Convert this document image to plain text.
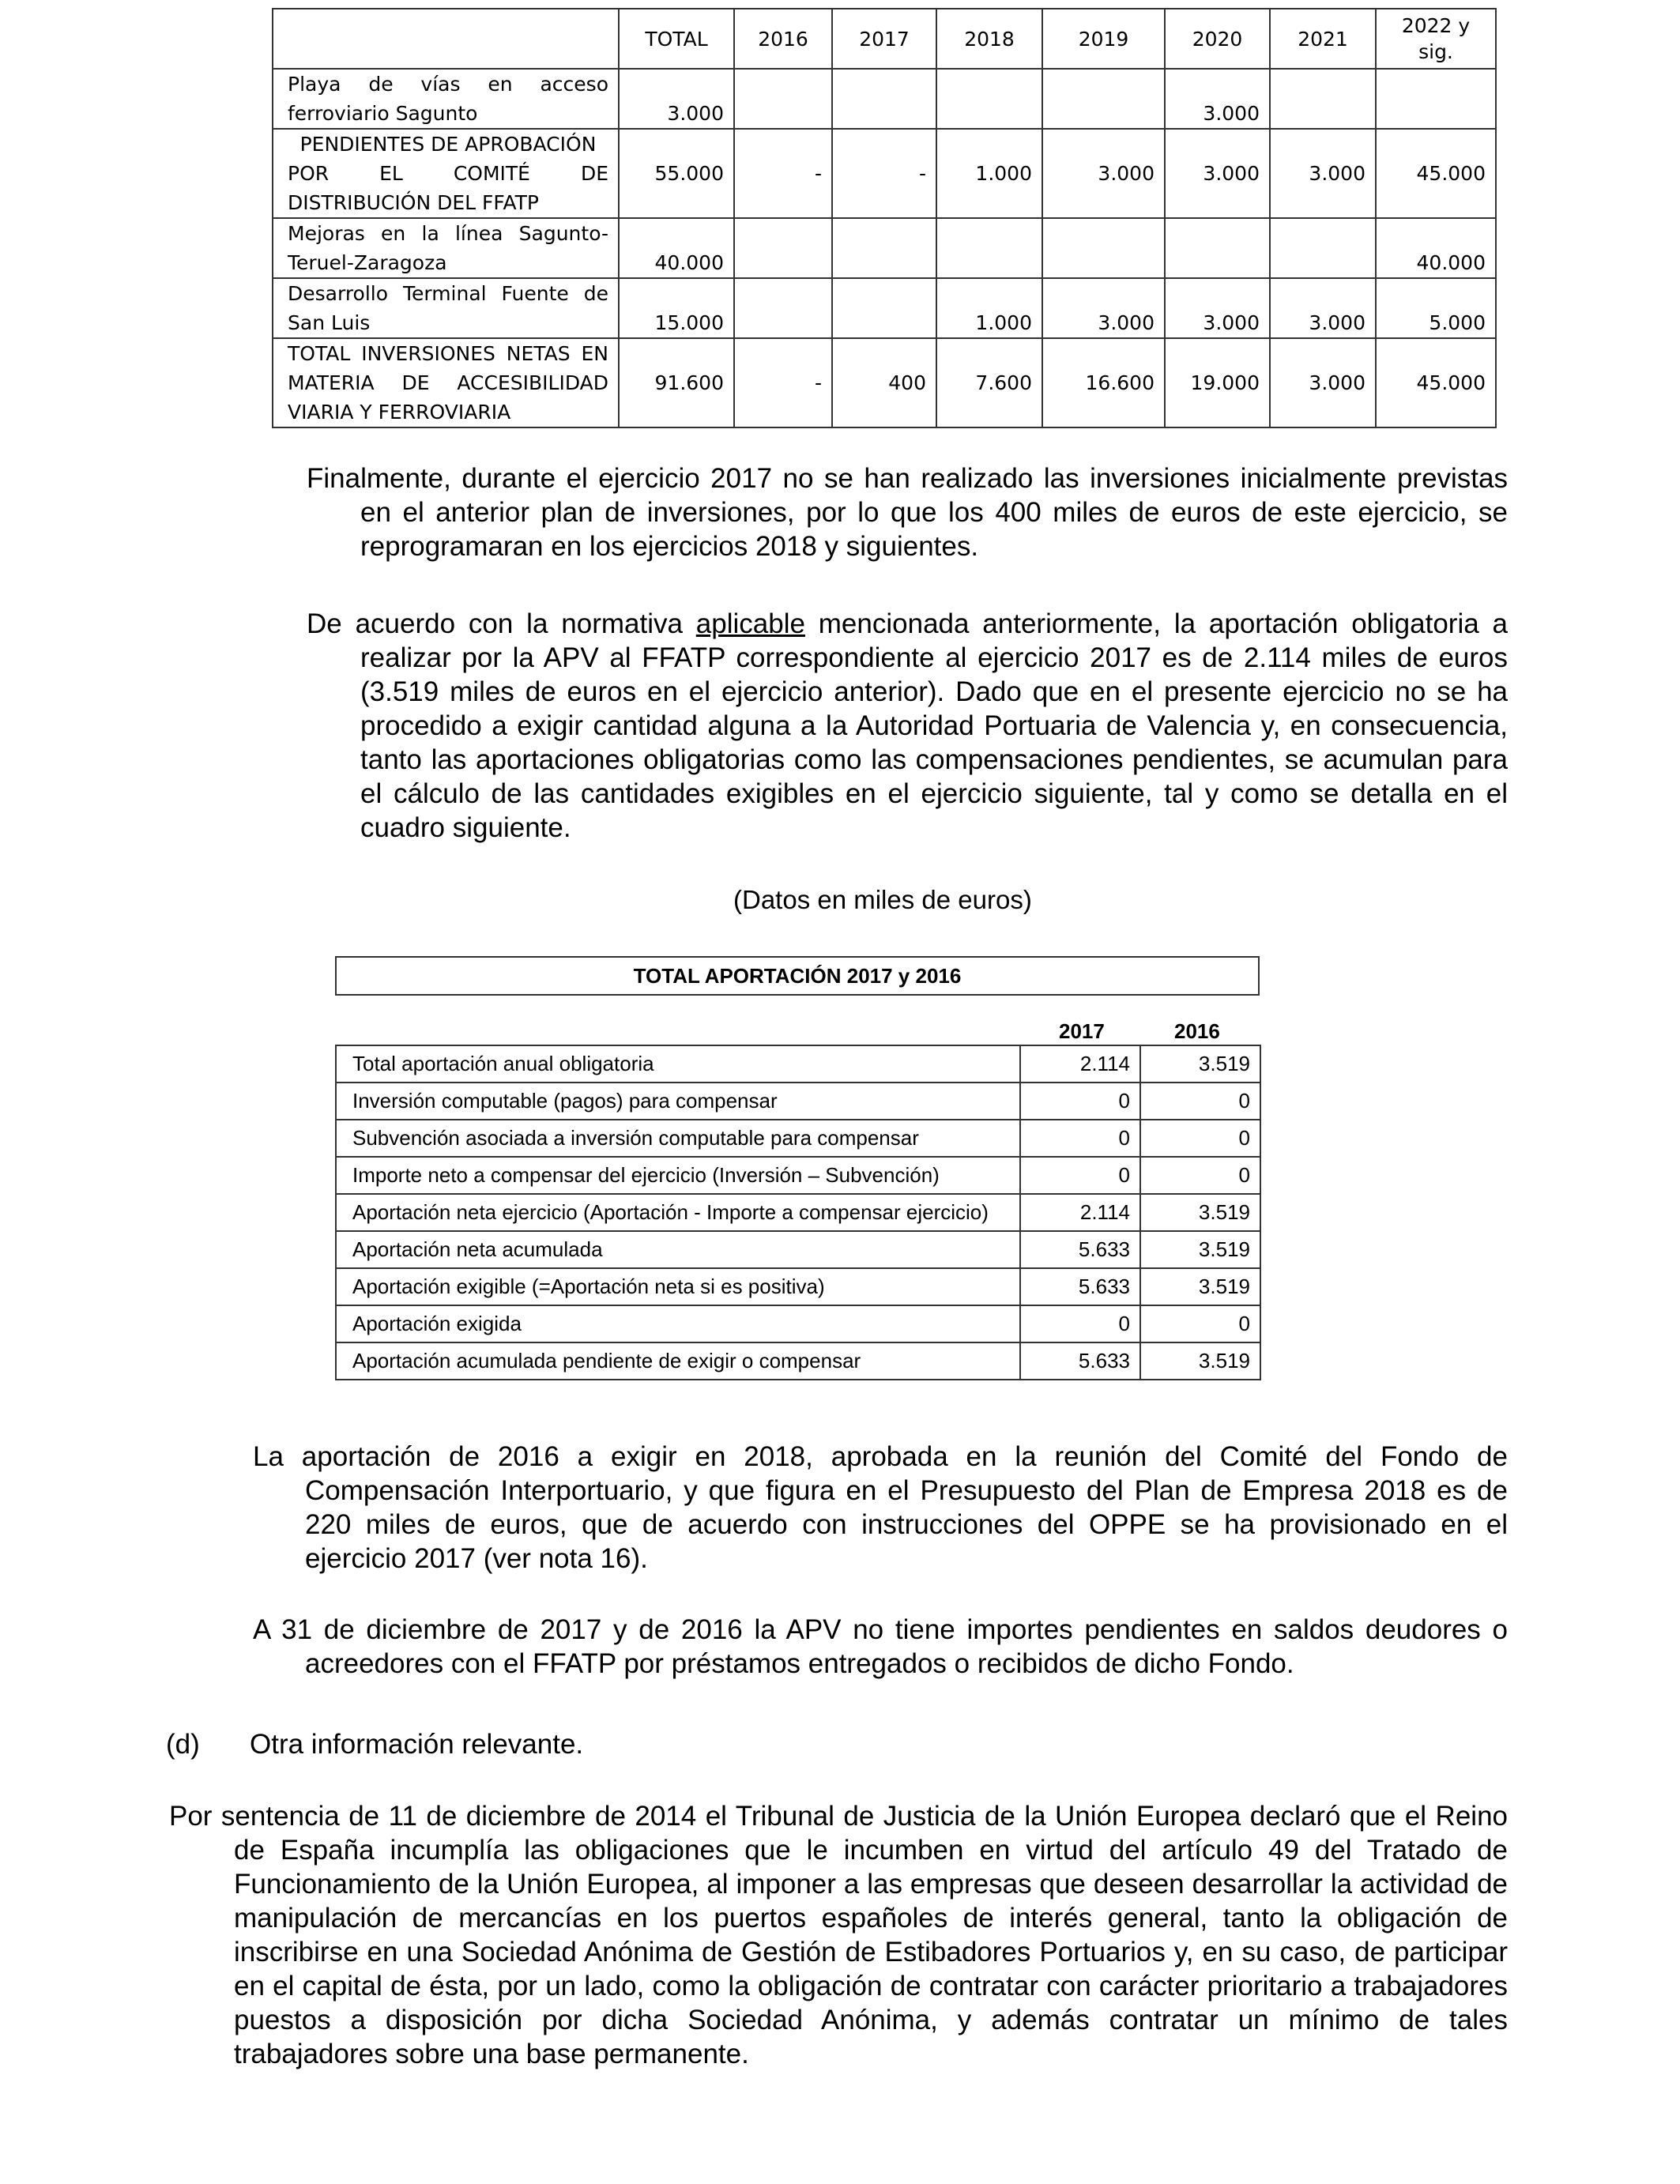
	TOTAL	2016	2017	2018	2019	2020	2021	2022 y sig.

Playa de vías en acceso
ferroviario Sagunto	3.000					3.000		

PENDIENTES DE APROBACIÓN
POR EL COMITÉ DE
DISTRIBUCIÓN DEL FFATP	55.000	-	-	1.000	3.000	3.000	3.000	45.000

Mejoras en la línea Sagunto-
Teruel-Zaragoza	40.000							40.000

Desarrollo Terminal Fuente de
San Luis	15.000			1.000	3.000	3.000	3.000	5.000

TOTAL INVERSIONES NETAS EN
MATERIA DE ACCESIBILIDAD
VIARIA Y FERROVIARIA	91.600	-	400	7.600	16.600	19.000	3.000	45.000
Finalmente, durante el ejercicio 2017 no se han realizado las inversiones inicialmente previstas en el anterior plan de inversiones, por lo que los 400 miles de euros de este ejercicio, se reprogramaran en los ejercicios 2018 y siguientes.
De acuerdo con la normativa aplicable mencionada anteriormente, la aportación obligatoria a realizar por la APV al FFATP correspondiente al ejercicio 2017 es de 2.114 miles de euros (3.519 miles de euros en el ejercicio anterior). Dado que en el presente ejercicio no se ha procedido a exigir cantidad alguna a la Autoridad Portuaria de Valencia y, en consecuencia, tanto las aportaciones obligatorias como las compensaciones pendientes, se acumulan para el cálculo de las cantidades exigibles en el ejercicio siguiente, tal y como se detalla en el cuadro siguiente.
(Datos en miles de euros)
TOTAL APORTACIÓN 2017 y 2016
2017	2016
Total aportación anual obligatoria	2.114	3.519
Inversión computable (pagos) para compensar	0	0
Subvención asociada a inversión computable para compensar	0	0
Importe neto a compensar del ejercicio (Inversión – Subvención)	0	0
Aportación neta ejercicio (Aportación - Importe a compensar ejercicio)	2.114	3.519
Aportación neta acumulada	5.633	3.519
Aportación exigible (=Aportación neta si es positiva)	5.633	3.519
Aportación exigida	0	0
Aportación acumulada pendiente de exigir o compensar	5.633	3.519
La aportación de 2016 a exigir en 2018, aprobada en la reunión del Comité del Fondo de Compensación Interportuario, y que figura en el Presupuesto del Plan de Empresa 2018 es de 220 miles de euros, que de acuerdo con instrucciones del OPPE se ha provisionado en el ejercicio 2017 (ver nota 16).
A 31 de diciembre de 2017 y de 2016 la APV no tiene importes pendientes en saldos deudores o acreedores con el FFATP por préstamos entregados o recibidos de dicho Fondo.
(d) Otra información relevante.
Por sentencia de 11 de diciembre de 2014 el Tribunal de Justicia de la Unión Europea declaró que el Reino de España incumplía las obligaciones que le incumben en virtud del artículo 49 del Tratado de Funcionamiento de la Unión Europea, al imponer a las empresas que deseen desarrollar la actividad de manipulación de mercancías en los puertos españoles de interés general, tanto la obligación de inscribirse en una Sociedad Anónima de Gestión de Estibadores Portuarios y, en su caso, de participar en el capital de ésta, por un lado, como la obligación de contratar con carácter prioritario a trabajadores puestos a disposición por dicha Sociedad Anónima, y además contratar un mínimo de tales trabajadores sobre una base permanente.
